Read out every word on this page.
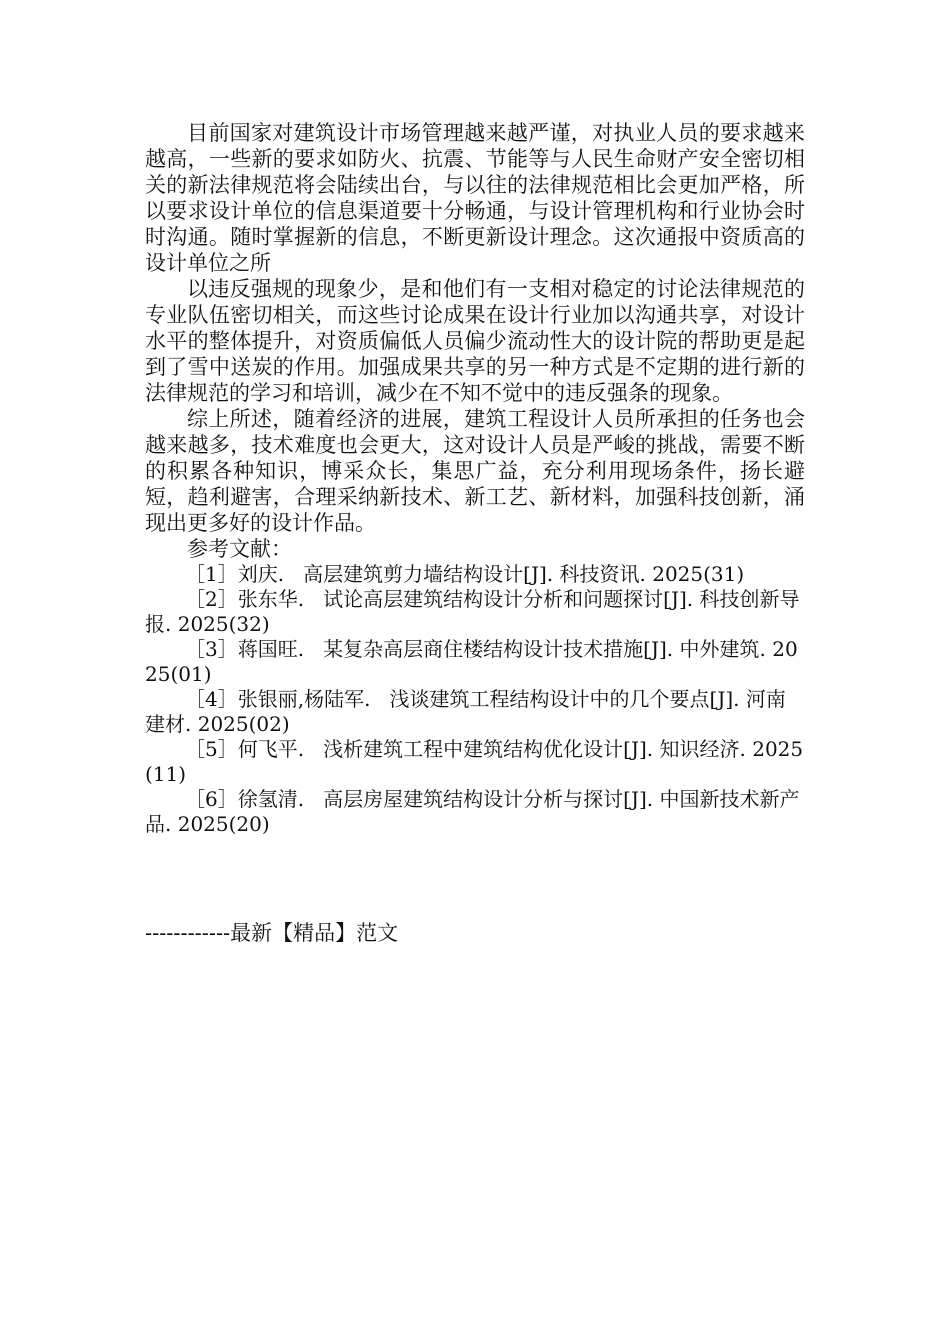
目前国家对建筑设计市场管理越来越严谨，对执业人员的要求越来越高，一些新的要求如防火、抗震、节能等与人民生命财产安全密切相关的新法律规范将会陆续出台，与以往的法律规范相比会更加严格，所以要求设计单位的信息渠道要十分畅通，与设计管理机构和行业协会时时沟通。随时掌握新的信息，不断更新设计理念。这次通报中资质高的设计单位之所

以违反强规的现象少，是和他们有一支相对稳定的讨论法律规范的专业队伍密切相关，而这些讨论成果在设计行业加以沟通共享，对设计水平的整体提升，对资质偏低人员偏少流动性大的设计院的帮助更是起到了雪中送炭的作用。加强成果共享的另一种方式是不定期的进行新的法律规范的学习和培训，减少在不知不觉中的违反强条的现象。

综上所述，随着经济的进展，建筑工程设计人员所承担的任务也会越来越多，技术难度也会更大，这对设计人员是严峻的挑战，需要不断的积累各种知识，博采众长，集思广益，充分利用现场条件，扬长避短，趋利避害，合理采纳新技术、新工艺、新材料，加强科技创新，涌现出更多好的设计作品。

参考文献：

［1］刘庆. 高层建筑剪力墙结构设计[J]. 科技资讯. 2025(31)

［2］张东华. 试论高层建筑结构设计分析和问题探讨[J]. 科技创新导报. 2025(32)

［3］蒋国旺. 某复杂高层商住楼结构设计技术措施[J]. 中外建筑. 2025(01)

［4］张银丽,杨陆军. 浅谈建筑工程结构设计中的几个要点[J]. 河南建材. 2025(02)

［5］何飞平. 浅析建筑工程中建筑结构优化设计[J]. 知识经济. 2025(11)

［6］徐氢清. 高层房屋建筑结构设计分析与探讨[J]. 中国新技术新产品. 2025(20)

------------最新【精品】范文
